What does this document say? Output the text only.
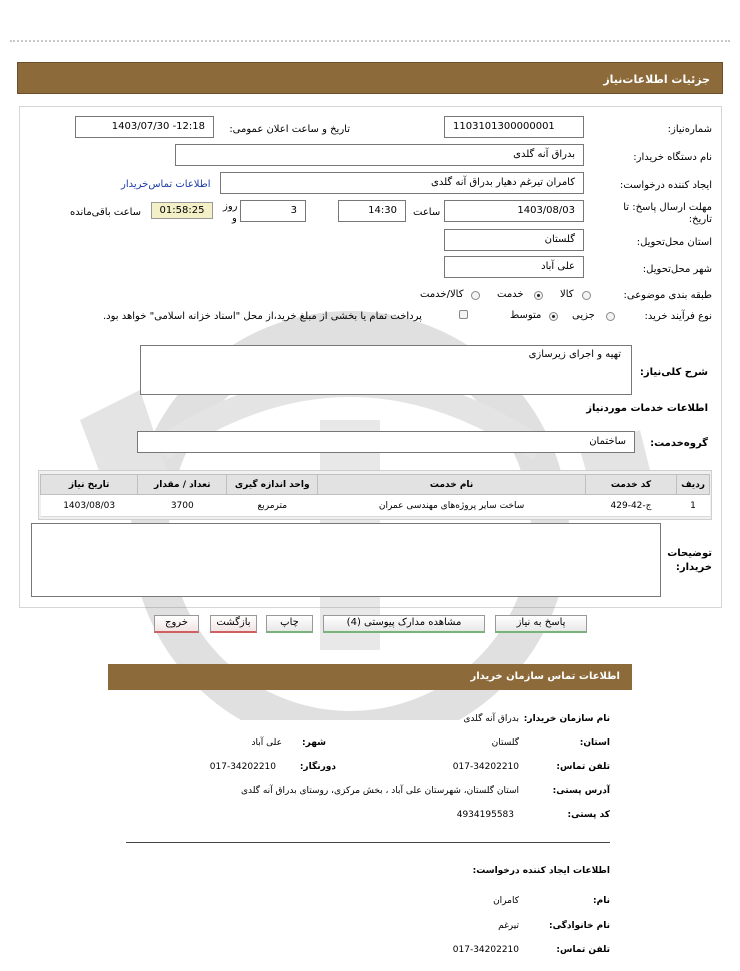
جزئیات اطلاعات‌نیاز
شماره‌نیاز:
1103101300000001
تاریخ و ساعت اعلان عمومی:
1403/07/30 -12:18
نام دستگاه خریدار:
بدراق آنه گلدی
ایجاد کننده درخواست:
کامران تیرغم دهیار بدراق آنه گلدی
اطلاعات تماس‌خریدار
مهلت ارسال پاسخ: تا
تاریخ:
1403/08/03
ساعت
14:30
3
روز
و
01:58:25
ساعت باقی‌مانده
استان محل‌تحویل:
گلستان
شهر محل‌تحویل:
علی آباد
طبقه بندی موضوعی:
کالا
خدمت
کالا/خدمت
نوع فرآیند خرید:
جزیی
متوسط
پرداخت تمام یا بخشی از مبلغ خرید،از محل "اسناد خزانه اسلامی" خواهد بود.
شرح کلی‌نیاز:
تهیه و اجرای زیرسازی
اطلاعات خدمات موردنیاز
گروه‌خدمت:
ساختمان
ردیف	کد خدمت	نام خدمت	واحد اندازه گیری	تعداد / مقدار	تاریخ نیاز
1	ج-42-429	ساخت سایر پروژه‌های مهندسی عمران	مترمربع	3700	1403/08/03
توضیحات
خریدار:
پاسخ به نیاز
مشاهده مدارک پیوستی (4)
چاپ
بازگشت
خروج
اطلاعات تماس سازمان خریدار
نام سازمان خریدار:
بدراق آنه گلدی
استان:
گلستان
شهر:
علی آباد
تلفن تماس:
017-34202210
دورنگار:
017-34202210
آدرس پستی:
استان گلستان، شهرستان علی آباد ، بخش مرکزی، روستای بدراق آنه گلدی
کد پستی:
4934195583
اطلاعات ایجاد کننده درخواست:
نام:
کامران
نام خانوادگی:
تیرغم
تلفن تماس:
017-34202210
